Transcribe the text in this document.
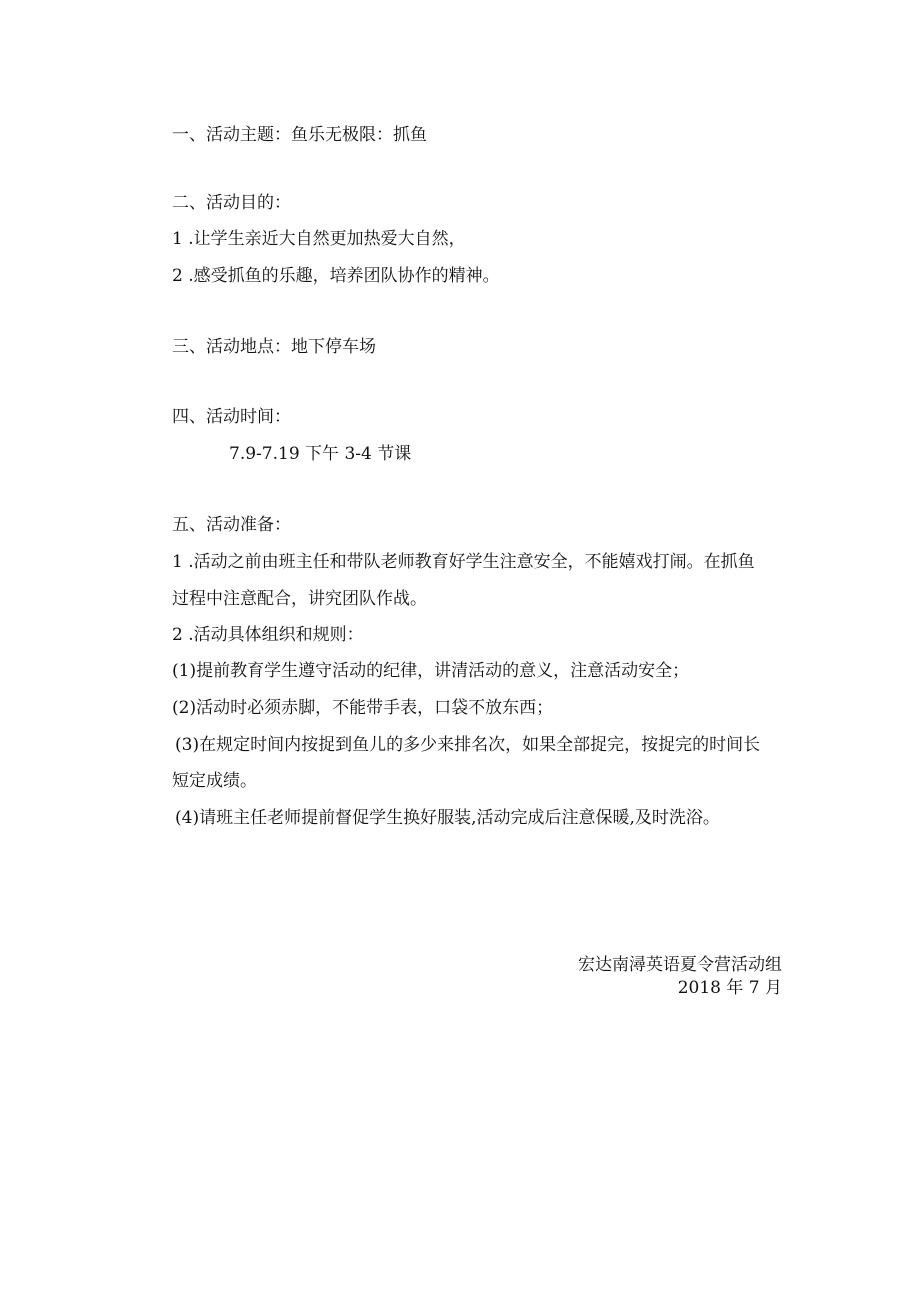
一、活动主题：鱼乐无极限：抓鱼
二、活动目的：
1 .让学生亲近大自然更加热爱大自然，
2 .感受抓鱼的乐趣，培养团队协作的精神。
三、活动地点：地下停车场
四、活动时间：
7.9-7.19 下午 3-4 节课
五、活动准备：
1 .活动之前由班主任和带队老师教育好学生注意安全，不能嬉戏打闹。在抓鱼
过程中注意配合，讲究团队作战。
2 .活动具体组织和规则：
(1)提前教育学生遵守活动的纪律，讲清活动的意义，注意活动安全；
(2)活动时必须赤脚，不能带手表，口袋不放东西；
(3)在规定时间内按捉到鱼儿的多少来排名次，如果全部捉完，按捉完的时间长
短定成绩。
(4)请班主任老师提前督促学生换好服装,活动完成后注意保暖,及时洗浴。
宏达南潯英语夏令营活动组
2018 年 7 月
